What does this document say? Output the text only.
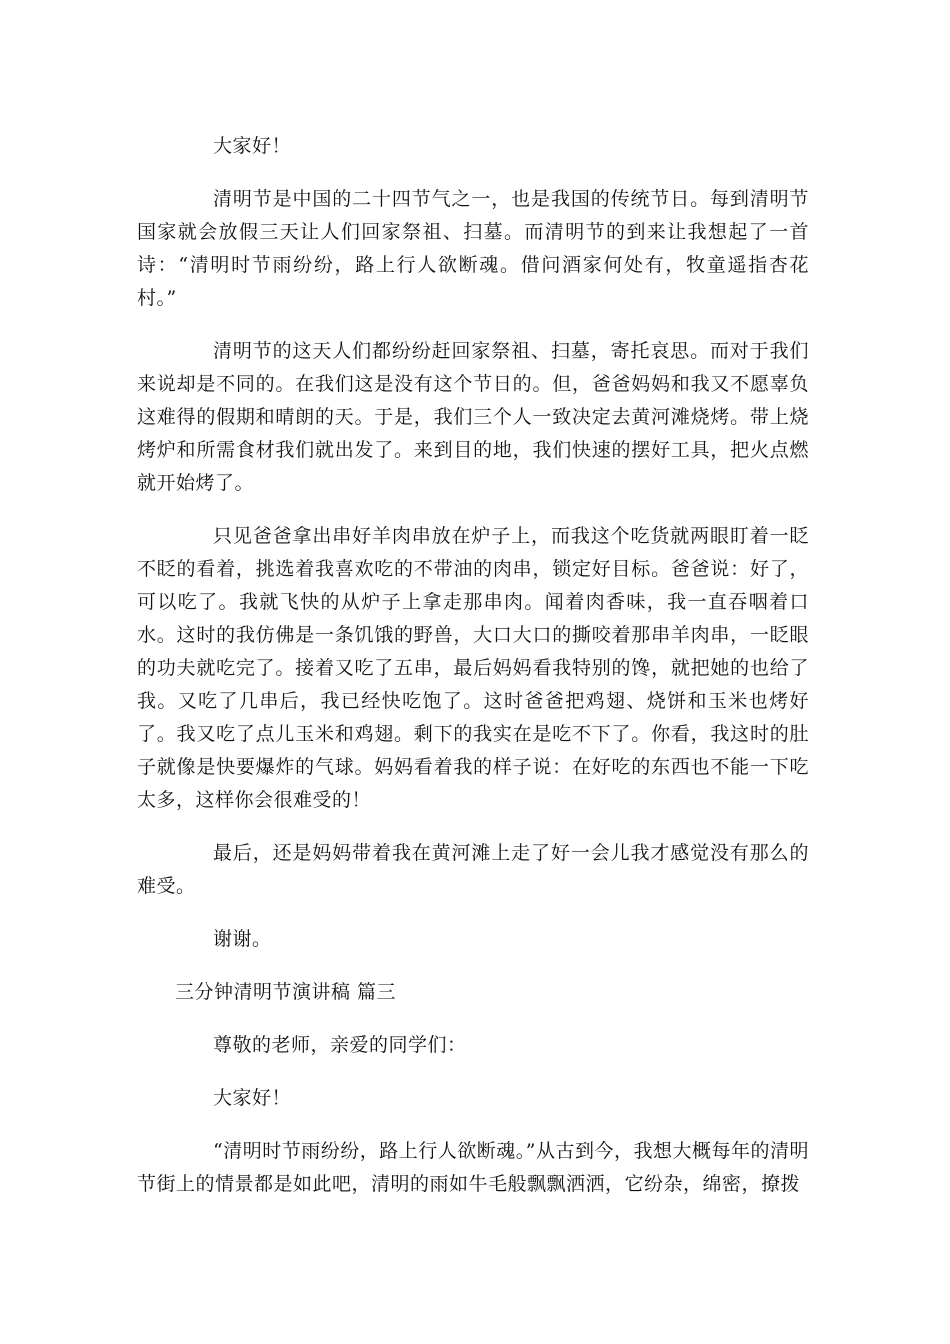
大家好！

清明节是中国的二十四节气之一，也是我国的传统节日。每到清明节国家就会放假三天让人们回家祭祖、扫墓。而清明节的到来让我想起了一首诗：“清明时节雨纷纷，路上行人欲断魂。借问酒家何处有，牧童遥指杏花村。”

清明节的这天人们都纷纷赶回家祭祖、扫墓，寄托哀思。而对于我们来说却是不同的。在我们这是没有这个节日的。但，爸爸妈妈和我又不愿辜负这难得的假期和晴朗的天。于是，我们三个人一致决定去黄河滩烧烤。带上烧烤炉和所需食材我们就出发了。来到目的地，我们快速的摆好工具，把火点燃就开始烤了。

只见爸爸拿出串好羊肉串放在炉子上，而我这个吃货就两眼盯着一眨不眨的看着，挑选着我喜欢吃的不带油的肉串，锁定好目标。爸爸说：好了，可以吃了。我就飞快的从炉子上拿走那串肉。闻着肉香味，我一直吞咽着口水。这时的我仿佛是一条饥饿的野兽，大口大口的撕咬着那串羊肉串，一眨眼的功夫就吃完了。接着又吃了五串，最后妈妈看我特别的馋，就把她的也给了我。又吃了几串后，我已经快吃饱了。这时爸爸把鸡翅、烧饼和玉米也烤好了。我又吃了点儿玉米和鸡翅。剩下的我实在是吃不下了。你看，我这时的肚子就像是快要爆炸的气球。妈妈看着我的样子说：在好吃的东西也不能一下吃太多，这样你会很难受的！

最后，还是妈妈带着我在黄河滩上走了好一会儿我才感觉没有那么的难受。

谢谢。

三分钟清明节演讲稿 篇三

尊敬的老师，亲爱的同学们：

大家好！

“清明时节雨纷纷，路上行人欲断魂。”从古到今，我想大概每年的清明节街上的情景都是如此吧，清明的雨如牛毛般飘飘洒洒，它纷杂，绵密，撩拨
